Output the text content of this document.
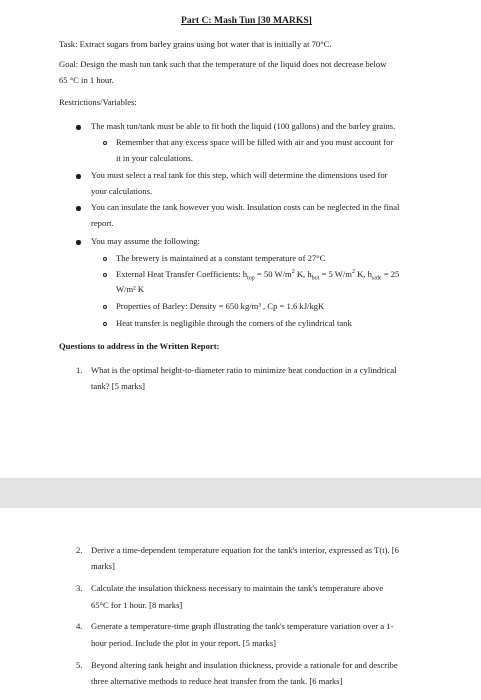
Part C: Mash Tun [30 MARKS]
Task: Extract sugars from barley grains using hot water that is initially at 70°C.
Goal: Design the mash tun tank such that the temperature of the liquid does not decrease below
65 °C in 1 hour.
Restrictions/Variables:
The mash tun/tank must be able to fit both the liquid (100 gallons) and the barley grains.
Remember that any excess space will be filled with air and you must account for
it in your calculations.
You must select a real tank for this step, which will determine the dimensions used for
your calculations.
You can insulate the tank however you wish. Insulation costs can be neglected in the final
report.
You may assume the following:
The brewery is maintained at a constant temperature of 27°C
External Heat Transfer Coefficients: $h_{top} = 50$ $W/m^2$ K, $h_{bot} = 5$ $W/m^2$ K, $h_{side} = 25$
W/m² K
Properties of Barley: Density = 650 kg/m³ , Cp = 1.6 kJ/kgK
Heat transfer is negligible through the corners of the cylindrical tank
Questions to address in the Written Report:
1. What is the optimal height-to-diameter ratio to minimize heat conduction in a cylindrical
tank? [5 marks]
2. Derive a time-dependent temperature equation for the tank's interior, expressed as T(t). [6
marks]
3. Calculate the insulation thickness necessary to maintain the tank's temperature above
65°C for 1 hour. [8 marks]
4. Generate a temperature-time graph illustrating the tank's temperature variation over a 1-
hour period. Include the plot in your report. [5 marks]
5. Beyond altering tank height and insulation thickness, provide a rationale for and describe
three alternative methods to reduce heat transfer from the tank. [6 marks]
